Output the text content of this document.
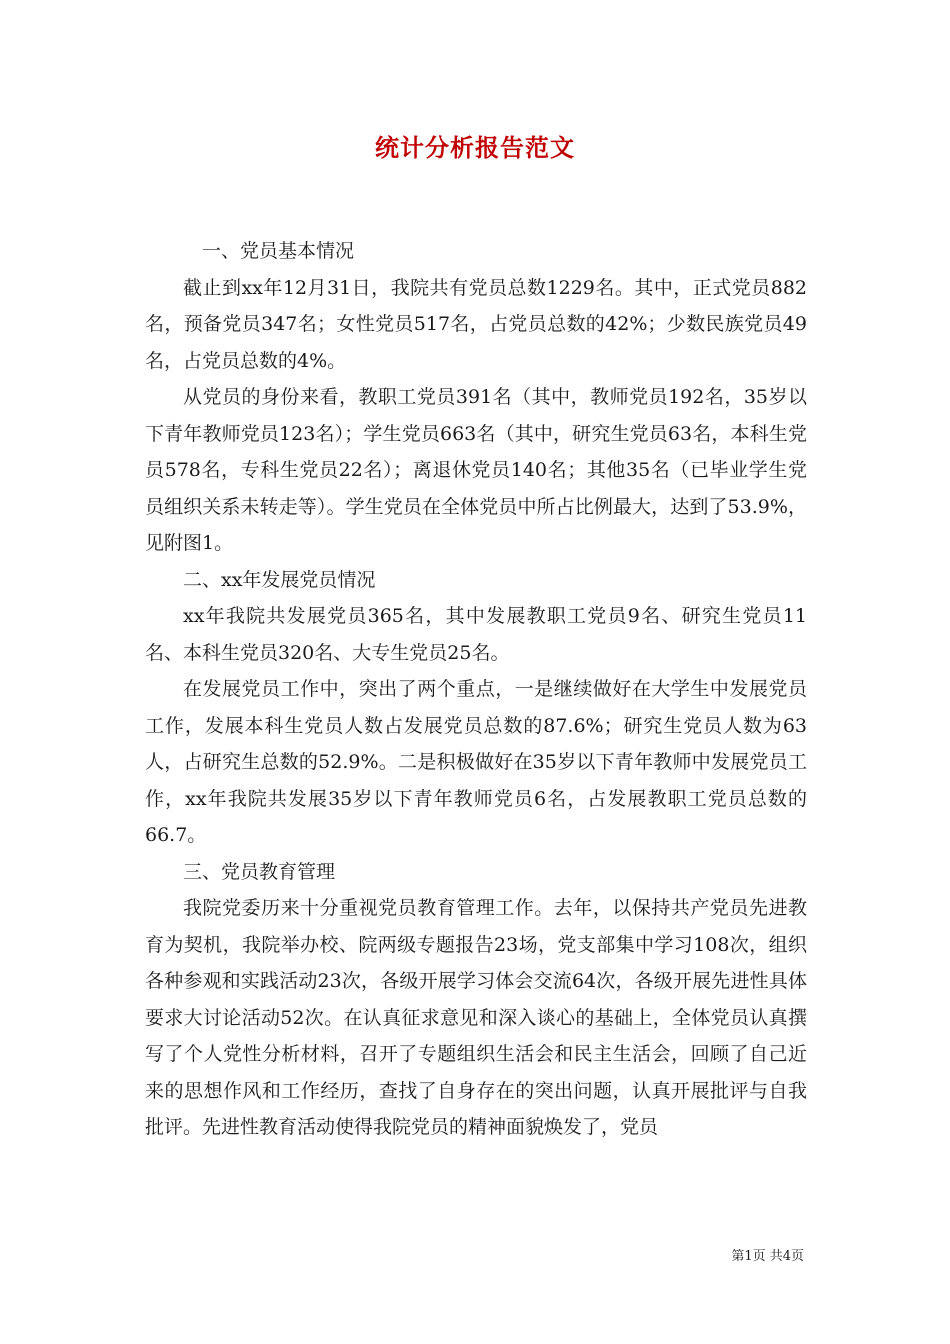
统计分析报告范文

一、党员基本情况

截止到xx年12月31日，我院共有党员总数1229名。其中，正式党员882名，预备党员347名；女性党员517名，占党员总数的42%；少数民族党员49名，占党员总数的4%。

从党员的身份来看，教职工党员391名（其中，教师党员192名，35岁以下青年教师党员123名）；学生党员663名（其中，研究生党员63名，本科生党员578名，专科生党员22名）；离退休党员140名；其他35名（已毕业学生党员组织关系未转走等）。学生党员在全体党员中所占比例最大，达到了53.9%，见附图1。

二、xx年发展党员情况

xx年我院共发展党员365名，其中发展教职工党员9名、研究生党员11名、本科生党员320名、大专生党员25名。

在发展党员工作中，突出了两个重点，一是继续做好在大学生中发展党员工作，发展本科生党员人数占发展党员总数的87.6%；研究生党员人数为63人，占研究生总数的52.9%。二是积极做好在35岁以下青年教师中发展党员工作，xx年我院共发展35岁以下青年教师党员6名，占发展教职工党员总数的66.7。

三、党员教育管理

我院党委历来十分重视党员教育管理工作。去年，以保持共产党员先进教育为契机，我院举办校、院两级专题报告23场，党支部集中学习108次，组织各种参观和实践活动23次，各级开展学习体会交流64次，各级开展先进性具体要求大讨论活动52次。在认真征求意见和深入谈心的基础上，全体党员认真撰写了个人党性分析材料，召开了专题组织生活会和民主生活会，回顾了自己近来的思想作风和工作经历，查找了自身存在的突出问题，认真开展批评与自我批评。先进性教育活动使得我院党员的精神面貌焕发了，党员

第1页 共4页
